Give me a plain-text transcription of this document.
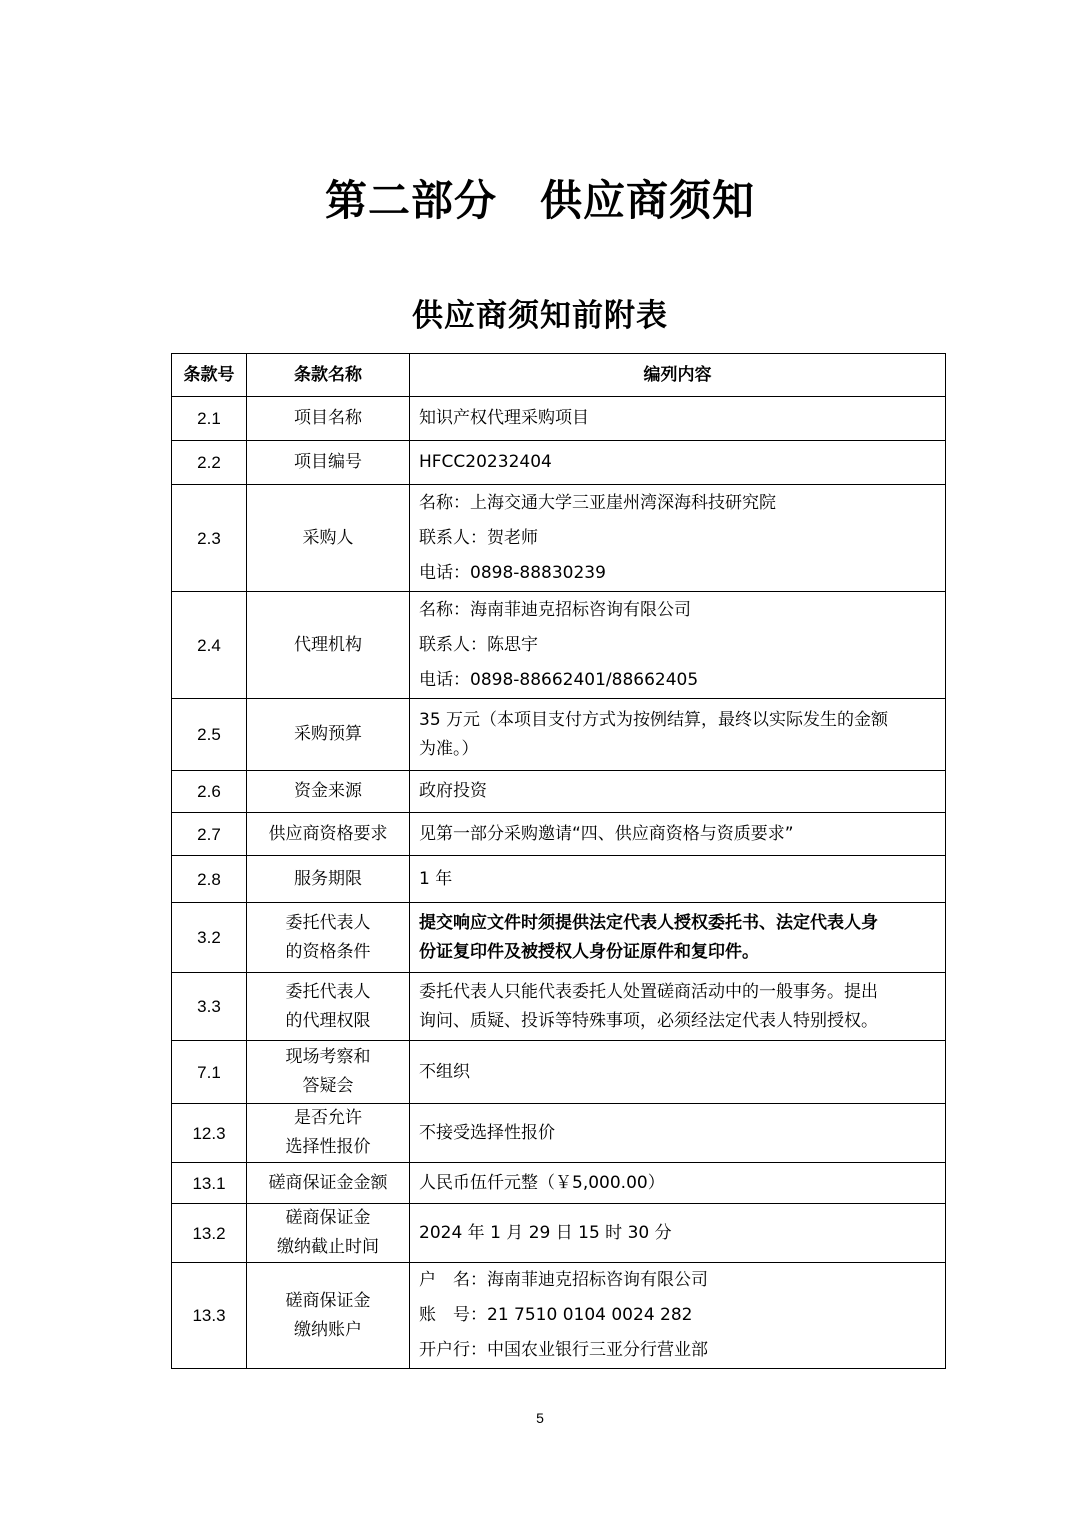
第二部分　供应商须知
供应商须知前附表
条款号	条款名称	编列内容
2.1	项目名称	知识产权代理采购项目

2.2	项目编号	HFCC20232404

2.3	采购人	名称：上海交通大学三亚崖州湾深海科技研究院
联系人：贺老师
电话：0898-88830239

2.4	代理机构	名称：海南菲迪克招标咨询有限公司
联系人：陈思宇
电话：0898-88662401/88662405

2.5	采购预算	35 万元（本项目支付方式为按例结算，最终以实际发生的金额
为准。）

2.6	资金来源	政府投资

2.7	供应商资格要求	见第一部分采购邀请“四、供应商资格与资质要求”

2.8	服务期限	1 年

3.2	委托代表人
的资格条件	提交响应文件时须提供法定代表人授权委托书、法定代表人身
份证复印件及被授权人身份证原件和复印件。

3.3	委托代表人
的代理权限	委托代表人只能代表委托人处置磋商活动中的一般事务。提出
询问、质疑、投诉等特殊事项，必须经法定代表人特别授权。

7.1	现场考察和
答疑会	不组织

12.3	是否允许
选择性报价	不接受选择性报价

13.1	磋商保证金金额	人民币伍仟元整（￥5,000.00）

13.2	磋商保证金
缴纳截止时间	2024 年 1 月 29 日 15 时 30 分

13.3	磋商保证金
缴纳账户	户　名：海南菲迪克招标咨询有限公司
账　号：21 7510 0104 0024 282
开户行：中国农业银行三亚分行营业部
5
